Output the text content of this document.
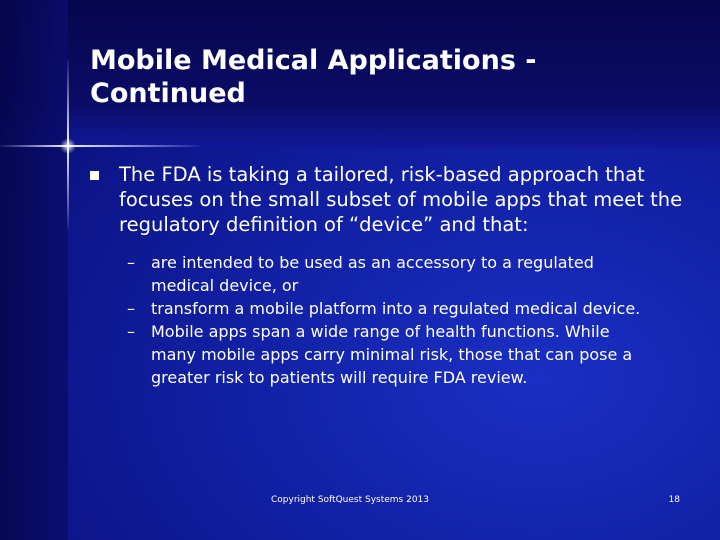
Mobile Medical Applications - Continued
The FDA is taking a tailored, risk-based approach that focuses on the small subset of mobile apps that meet the regulatory definition of “device” and that:
– are intended to be used as an accessory to a regulated medical device, or
– transform a mobile platform into a regulated medical device.
– Mobile apps span a wide range of health functions. While many mobile apps carry minimal risk, those that can pose a greater risk to patients will require FDA review.
Copyright SoftQuest Systems 2013	18
